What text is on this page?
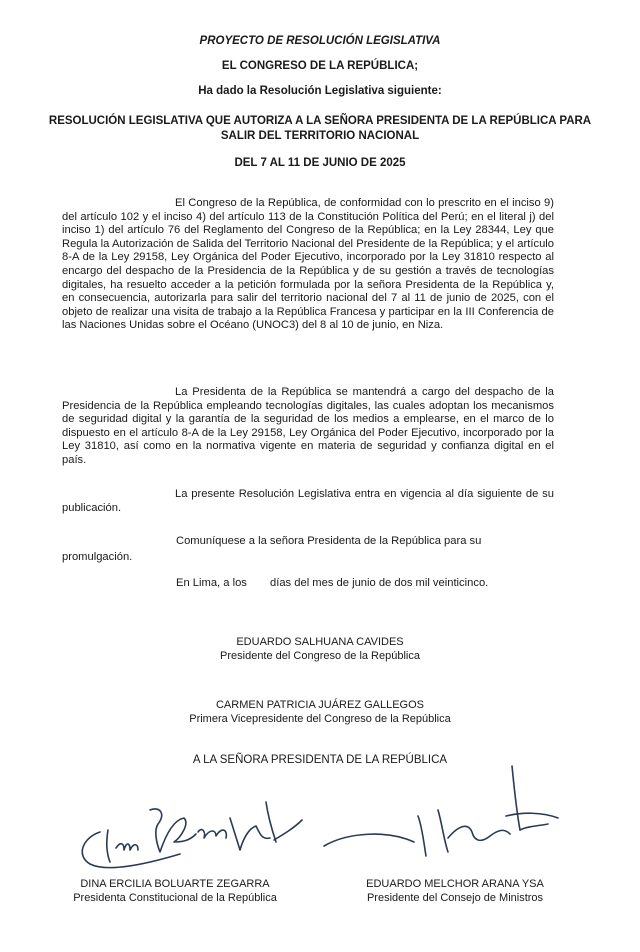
PROYECTO DE RESOLUCIÓN LEGISLATIVA
EL CONGRESO DE LA REPÚBLICA;
Ha dado la Resolución Legislativa siguiente:
RESOLUCIÓN LEGISLATIVA QUE AUTORIZA A LA SEÑORA PRESIDENTA DE LA REPÚBLICA PARA SALIR DEL TERRITORIO NACIONAL
DEL 7 AL 11 DE JUNIO DE 2025
El Congreso de la República, de conformidad con lo prescrito en el inciso 9) del artículo 102 y el inciso 4) del artículo 113 de la Constitución Política del Perú; en el literal j) del inciso 1) del artículo 76 del Reglamento del Congreso de la República; en la Ley 28344, Ley que Regula la Autorización de Salida del Territorio Nacional del Presidente de la República; y el artículo 8-A de la Ley 29158, Ley Orgánica del Poder Ejecutivo, incorporado por la Ley 31810 respecto al encargo del despacho de la Presidencia de la República y de su gestión a través de tecnologías digitales, ha resuelto acceder a la petición formulada por la señora Presidenta de la República y, en consecuencia, autorizarla para salir del territorio nacional del 7 al 11 de junio de 2025, con el objeto de realizar una visita de trabajo a la República Francesa y participar en la III Conferencia de las Naciones Unidas sobre el Océano (UNOC3) del 8 al 10 de junio, en Niza.
La Presidenta de la República se mantendrá a cargo del despacho de la Presidencia de la República empleando tecnologías digitales, las cuales adoptan los mecanismos de seguridad digital y la garantía de la seguridad de los medios a emplearse, en el marco de lo dispuesto en el artículo 8-A de la Ley 29158, Ley Orgánica del Poder Ejecutivo, incorporado por la Ley 31810, así como en la normativa vigente en materia de seguridad y confianza digital en el país.
La presente Resolución Legislativa entra en vigencia al día siguiente de su publicación.
Comuníquese a la señora Presidenta de la República para su
promulgación.
En Lima, a los días del mes de junio de dos mil veinticinco.
EDUARDO SALHUANA CAVIDES
Presidente del Congreso de la República
CARMEN PATRICIA JUÁREZ GALLEGOS
Primera Vicepresidente del Congreso de la República
A LA SEÑORA PRESIDENTA DE LA REPÚBLICA
DINA ERCILIA BOLUARTE ZEGARRA
Presidenta Constitucional de la República
EDUARDO MELCHOR ARANA YSA
Presidente del Consejo de Ministros
